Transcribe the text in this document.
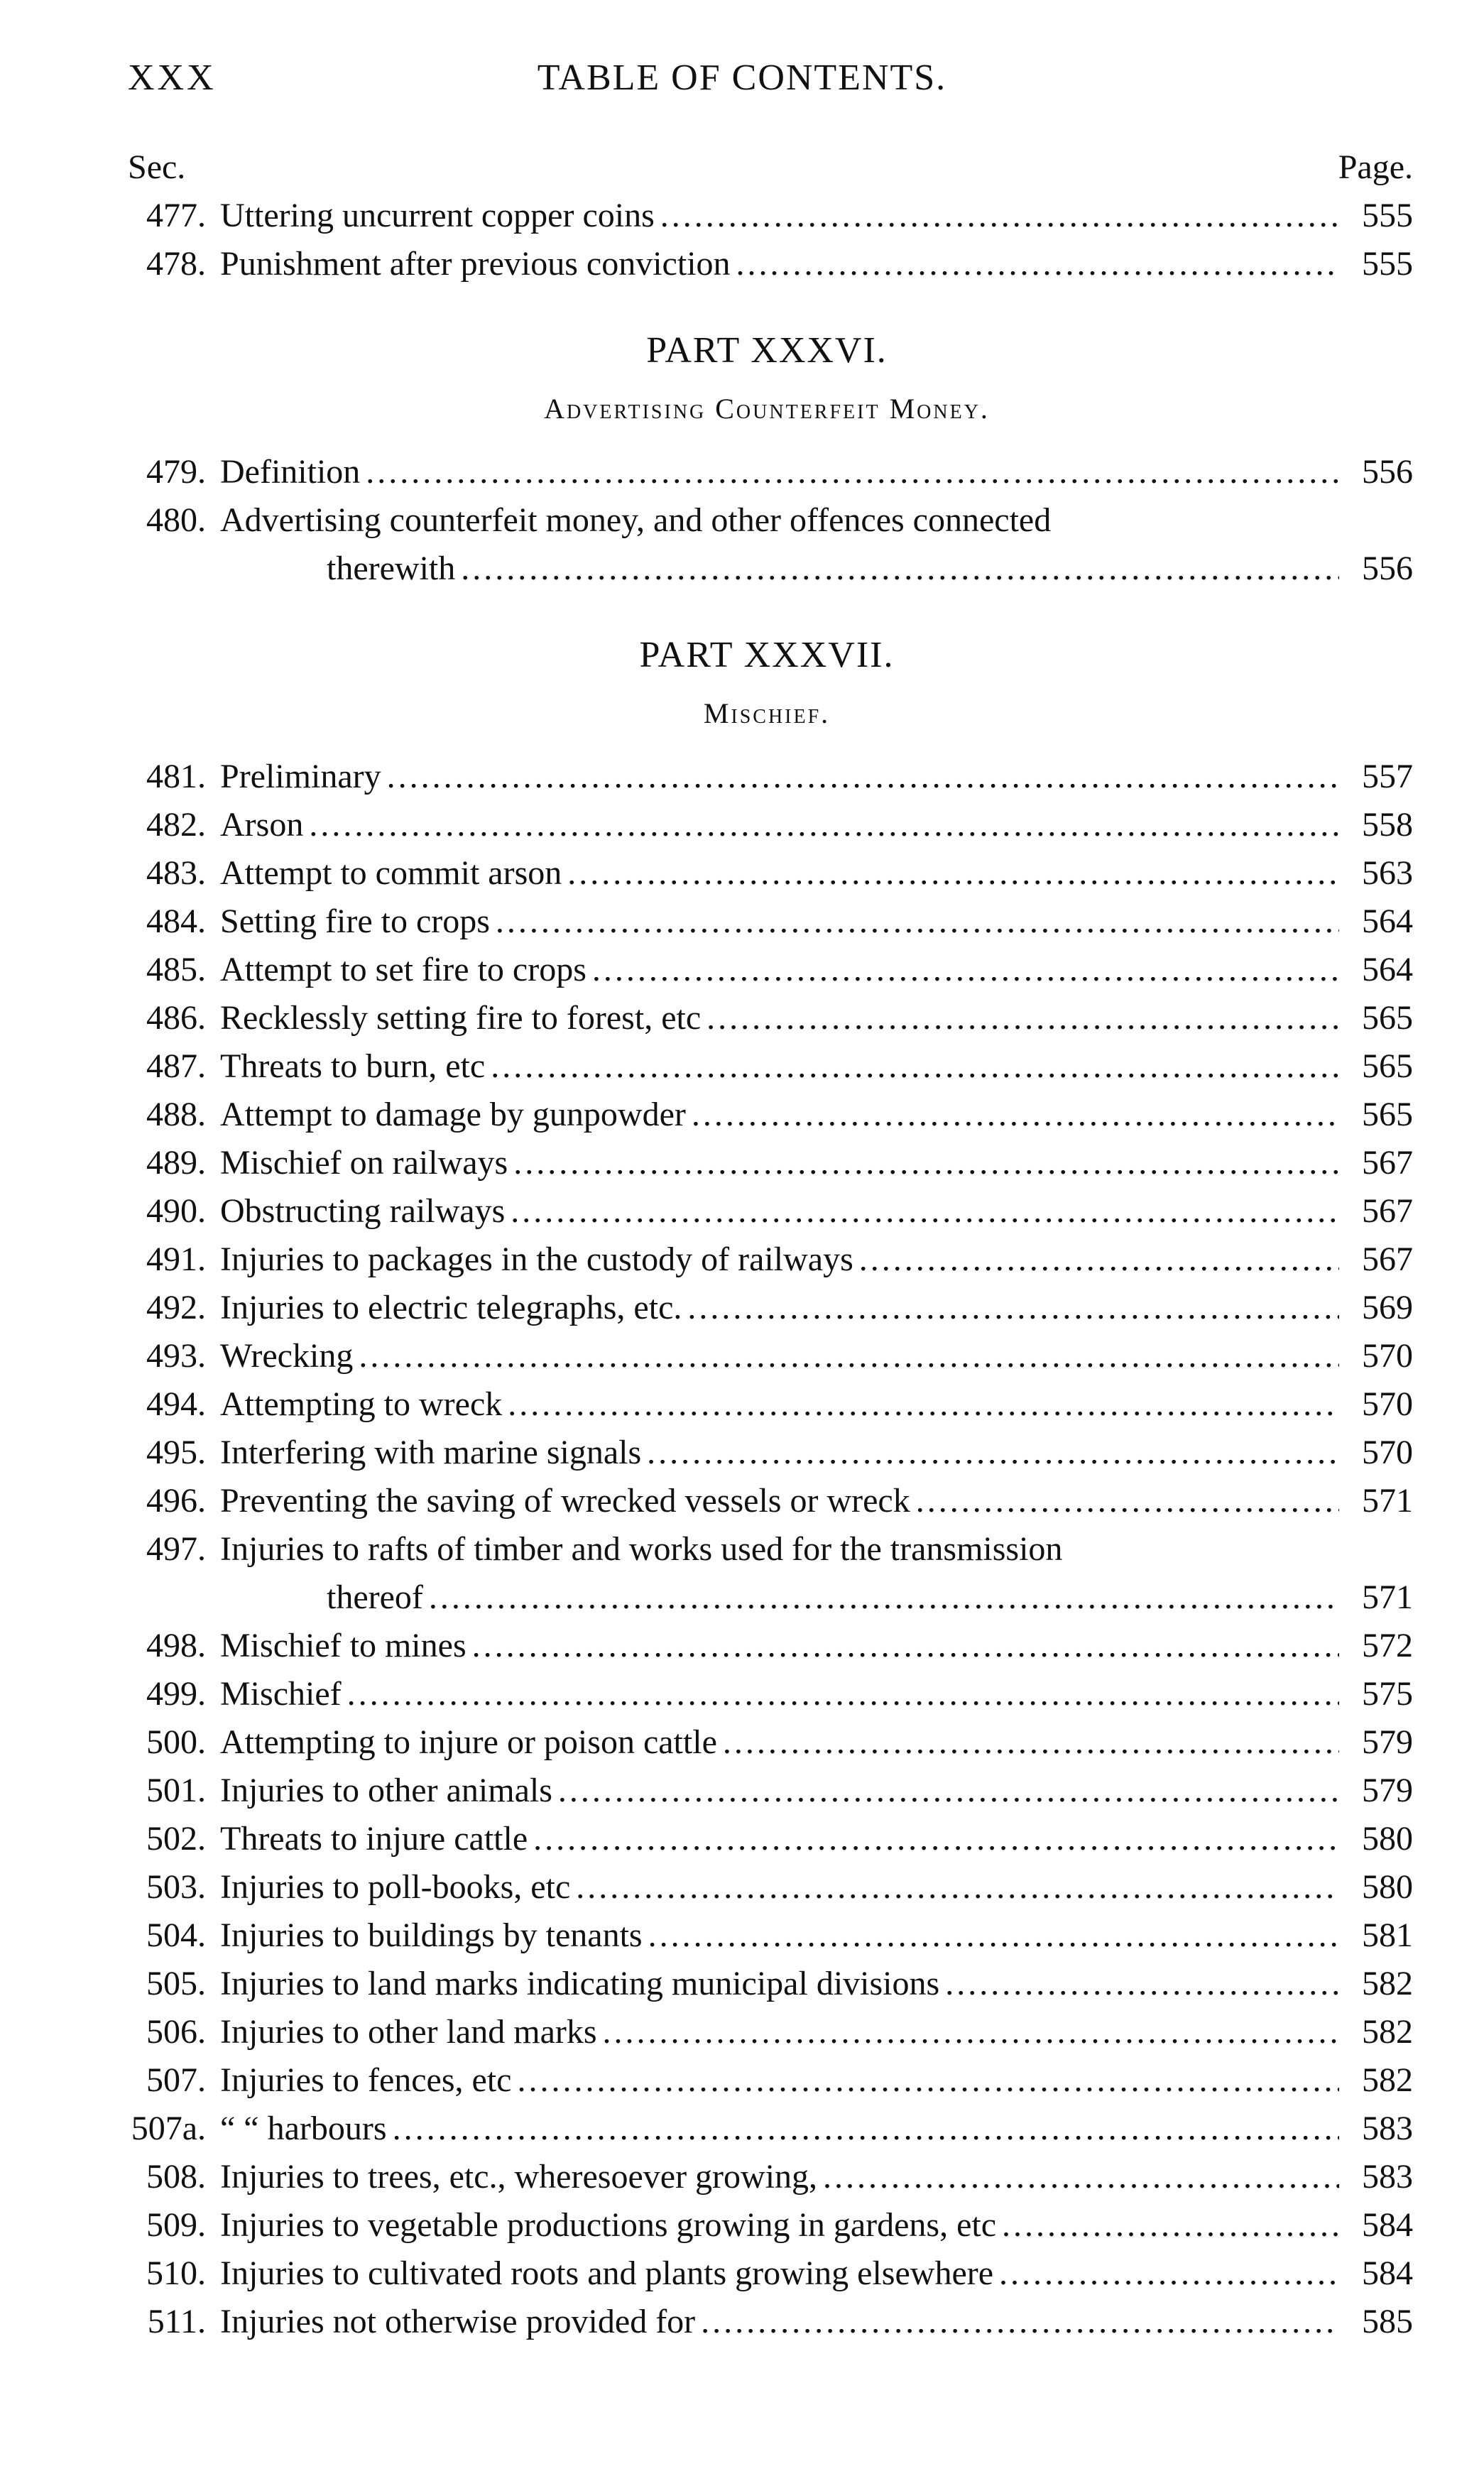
XXX	TABLE OF CONTENTS.
Sec.	Page.
477. Uttering uncurrent copper coins . . .	555
478. Punishment after previous conviction . . .	555
PART XXXVI.
Advertising Counterfeit Money.
479. Definition . . .	556
480. Advertising counterfeit money, and other offences connected
therewith . . .	556
PART XXXVII.
Mischief.
481. Preliminary . . .	557
482. Arson . . .	558
483. Attempt to commit arson . . .	563
484. Setting fire to crops . . .	564
485. Attempt to set fire to crops . . .	564
486. Recklessly setting fire to forest, etc . . .	565
487. Threats to burn, etc . . .	565
488. Attempt to damage by gunpowder . . .	565
489. Mischief on railways . . .	567
490. Obstructing railways . . .	567
491. Injuries to packages in the custody of railways . . .	567
492. Injuries to electric telegraphs, etc. . . .	569
493. Wrecking . . .	570
494. Attempting to wreck . . .	570
495. Interfering with marine signals . . .	570
496. Preventing the saving of wrecked vessels or wreck . . .	571
497. Injuries to rafts of timber and works used for the transmission
thereof . . .	571
498. Mischief to mines . . .	572
499. Mischief . . .	575
500. Attempting to injure or poison cattle . . .	579
501. Injuries to other animals . . .	579
502. Threats to injure cattle . . .	580
503. Injuries to poll-books, etc . . .	580
504. Injuries to buildings by tenants . . .	581
505. Injuries to land marks indicating municipal divisions . . .	582
506. Injuries to other land marks . . .	582
507. Injuries to fences, etc . . .	582
507a. “ “ harbours . . .	583
508. Injuries to trees, etc., wheresoever growing, . . .	583
509. Injuries to vegetable productions growing in gardens, etc . . .	584
510. Injuries to cultivated roots and plants growing elsewhere . . .	584
511. Injuries not otherwise provided for . . .	585
